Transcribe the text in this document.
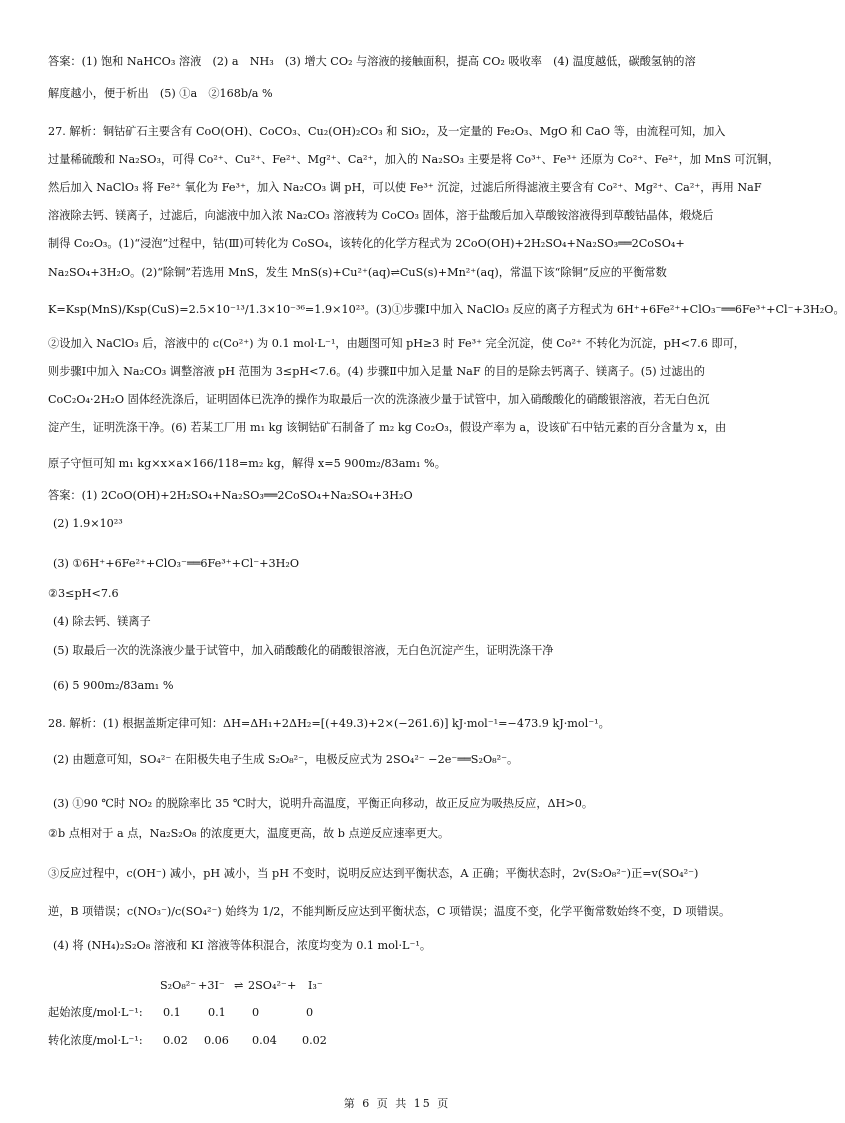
答案：(1) 饱和 NaHCO₃ 溶液　(2) a　NH₃　(3) 增大 CO₂ 与溶液的接触面积，提高 CO₂ 吸收率　(4) 温度越低，碳酸氢钠的溶
解度越小，便于析出　(5) ①a　②168b/a %
27. 解析：铜钴矿石主要含有 CoO(OH)、CoCO₃、Cu₂(OH)₂CO₃ 和 SiO₂，及一定量的 Fe₂O₃、MgO 和 CaO 等，由流程可知，加入
过量稀硫酸和 Na₂SO₃，可得 Co²⁺、Cu²⁺、Fe²⁺、Mg²⁺、Ca²⁺，加入的 Na₂SO₃ 主要是将 Co³⁺、Fe³⁺ 还原为 Co²⁺、Fe²⁺，加 MnS 可沉铜，
然后加入 NaClO₃ 将 Fe²⁺ 氧化为 Fe³⁺，加入 Na₂CO₃ 调 pH，可以使 Fe³⁺ 沉淀，过滤后所得滤液主要含有 Co²⁺、Mg²⁺、Ca²⁺，再用 NaF
溶液除去钙、镁离子，过滤后，向滤液中加入浓 Na₂CO₃ 溶液转为 CoCO₃ 固体，溶于盐酸后加入草酸铵溶液得到草酸钴晶体，煅烧后
制得 Co₂O₃。(1)“浸泡”过程中，钴(Ⅲ)可转化为 CoSO₄，该转化的化学方程式为 2CoO(OH)+2H₂SO₄+Na₂SO₃══2CoSO₄+
Na₂SO₄+3H₂O。(2)“除铜”若选用 MnS，发生 MnS(s)+Cu²⁺(aq)⇌CuS(s)+Mn²⁺(aq)，常温下该“除铜”反应的平衡常数
K=Ksp(MnS)/Ksp(CuS)=2.5×10⁻¹³/1.3×10⁻³⁶=1.9×10²³。(3)①步骤Ⅰ中加入 NaClO₃ 反应的离子方程式为 6H⁺+6Fe²⁺+ClO₃⁻══6Fe³⁺+Cl⁻+3H₂O。
②设加入 NaClO₃ 后，溶液中的 c(Co²⁺) 为 0.1 mol·L⁻¹，由题图可知 pH≥3 时 Fe³⁺ 完全沉淀，使 Co²⁺ 不转化为沉淀，pH<7.6 即可，
则步骤Ⅰ中加入 Na₂CO₃ 调整溶液 pH 范围为 3≤pH<7.6。(4) 步骤Ⅱ中加入足量 NaF 的目的是除去钙离子、镁离子。(5) 过滤出的
CoC₂O₄·2H₂O 固体经洗涤后，证明固体已洗净的操作为取最后一次的洗涤液少量于试管中，加入硝酸酸化的硝酸银溶液，若无白色沉
淀产生，证明洗涤干净。(6) 若某工厂用 m₁ kg 该铜钴矿石制备了 m₂ kg Co₂O₃，假设产率为 a，设该矿石中钴元素的百分含量为 x，由
原子守恒可知 m₁ kg×x×a×166/118=m₂ kg，解得 x=5 900m₂/83am₁ %。
答案：(1) 2CoO(OH)+2H₂SO₄+Na₂SO₃══2CoSO₄+Na₂SO₄+3H₂O
(2) 1.9×10²³
(3) ①6H⁺+6Fe²⁺+ClO₃⁻══6Fe³⁺+Cl⁻+3H₂O
②3≤pH<7.6
(4) 除去钙、镁离子
(5) 取最后一次的洗涤液少量于试管中，加入硝酸酸化的硝酸银溶液，无白色沉淀产生，证明洗涤干净
(6) 5 900m₂/83am₁ %
28. 解析：(1) 根据盖斯定律可知：ΔH=ΔH₁+2ΔH₂=[(+49.3)+2×(−261.6)] kJ·mol⁻¹=−473.9 kJ·mol⁻¹。
(2) 由题意可知，SO₄²⁻ 在阳极失电子生成 S₂O₈²⁻，电极反应式为 2SO₄²⁻ −2e⁻══S₂O₈²⁻。
(3) ①90 ℃时 NO₂ 的脱除率比 35 ℃时大，说明升高温度，平衡正向移动，故正反应为吸热反应，ΔH>0。
②b 点相对于 a 点，Na₂S₂O₈ 的浓度更大，温度更高，故 b 点逆反应速率更大。
③反应过程中，c(OH⁻) 减小，pH 减小，当 pH 不变时，说明反应达到平衡状态，A 正确；平衡状态时，2v(S₂O₈²⁻)正=v(SO₄²⁻)
逆，B 项错误；c(NO₃⁻)/c(SO₄²⁻) 始终为 1/2，不能判断反应达到平衡状态，C 项错误；温度不变，化学平衡常数始终不变，D 项错误。
(4) 将 (NH₄)₂S₂O₈ 溶液和 KI 溶液等体积混合，浓度均变为 0.1 mol·L⁻¹。
S₂O₈²⁻ +3I⁻ ⇌ 2SO₄²⁻ + I₃⁻
起始浓度/mol·L⁻¹: 0.1 0.1 0	0
转化浓度/mol·L⁻¹: 0.02 0.06 0.04 0.02
第 6 页 共 15 页
